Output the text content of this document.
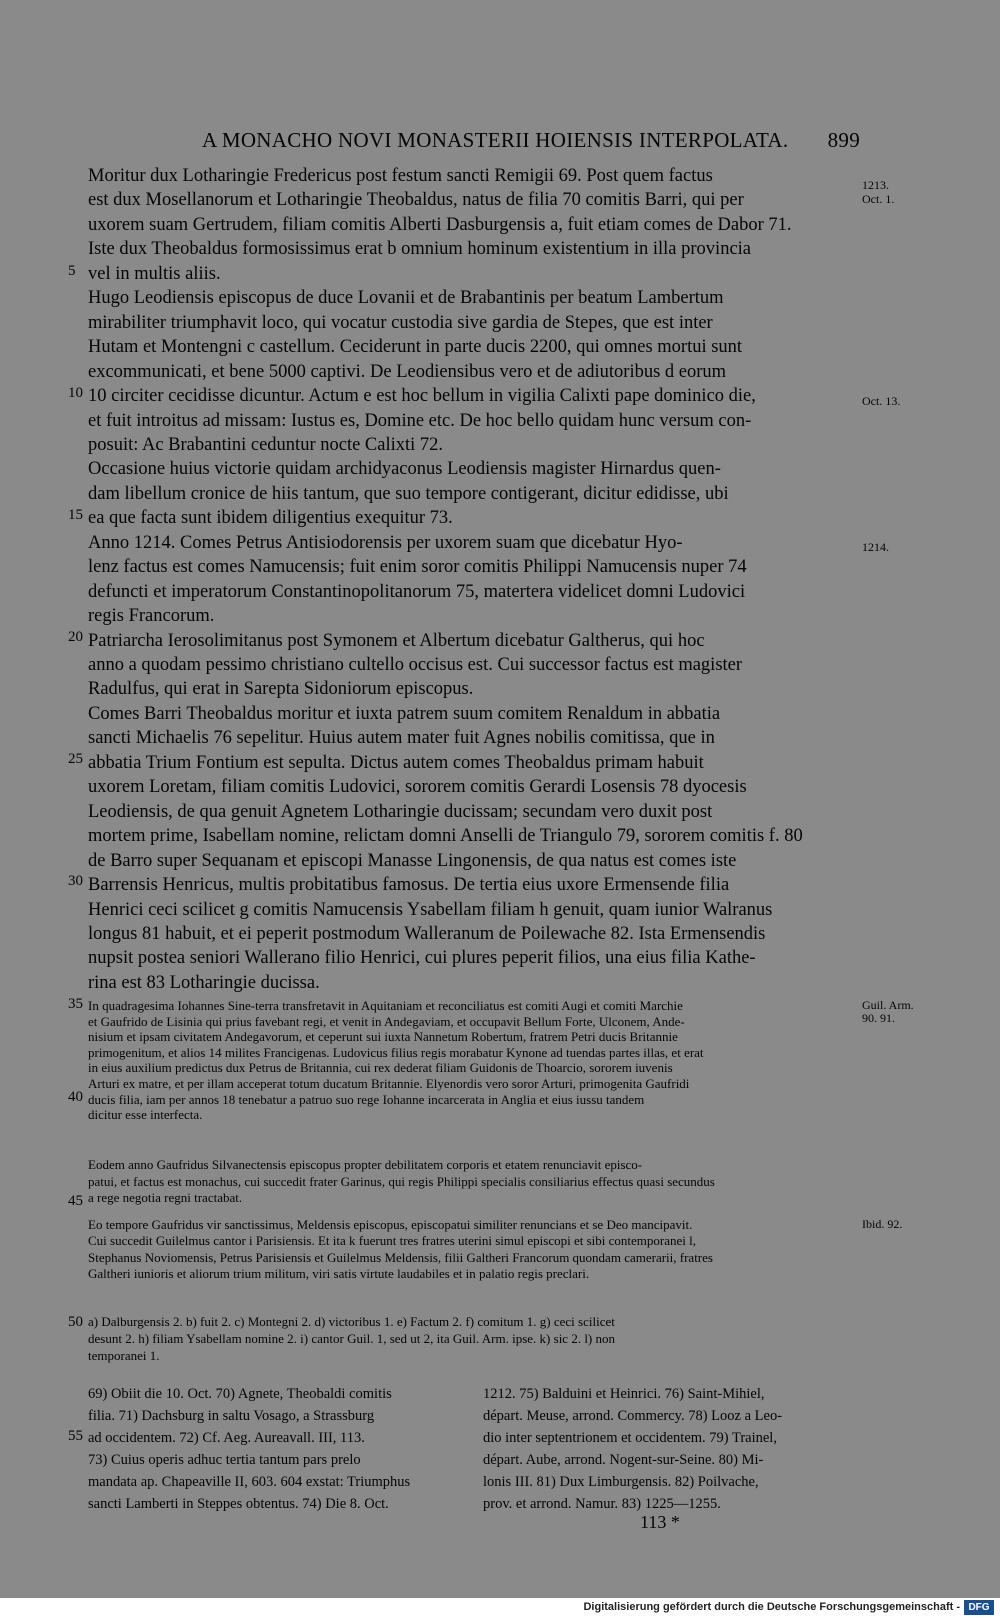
A MONACHO NOVI MONASTERII HOIENSIS INTERPOLATA. 899
Moritur dux Lotharingie Fredericus post festum sancti Remigii 69. Post quem factus
est dux Mosellanorum et Lotharingie Theobaldus, natus de filia 70 comitis Barri, qui per
uxorem suam Gertrudem, filiam comitis Alberti Dasburgensis a, fuit etiam comes de Dabor 71.
Iste dux Theobaldus formosissimus erat b omnium hominum existentium in illa provincia
vel in multis aliis.
Hugo Leodiensis episcopus de duce Lovanii et de Brabantinis per beatum Lambertum
mirabiliter triumphavit loco, qui vocatur custodia sive gardia de Stepes, que est inter
Hutam et Montengni c castellum. Ceciderunt in parte ducis 2200, qui omnes mortui sunt
excommunicati, et bene 5000 captivi. De Leodiensibus vero et de adiutoribus d eorum
10 circiter cecidisse dicuntur. Actum e est hoc bellum in vigilia Calixti pape dominico die,
et fuit introitus ad missam: Iustus es, Domine etc. De hoc bello quidam hunc versum con-
posuit: Ac Brabantini ceduntur nocte Calixti 72.
Occasione huius victorie quidam archidyaconus Leodiensis magister Hirnardus quen-
dam libellum cronice de hiis tantum, que suo tempore contigerant, dicitur edidisse, ubi
ea que facta sunt ibidem diligentius exequitur 73.
Anno 1214. Comes Petrus Antisiodorensis per uxorem suam que dicebatur Hyo-
lenz factus est comes Namucensis; fuit enim soror comitis Philippi Namucensis nuper 74
defuncti et imperatorum Constantinopolitanorum 75, matertera videlicet domni Ludovici
regis Francorum.
Patriarcha Ierosolimitanus post Symonem et Albertum dicebatur Galtherus, qui hoc
anno a quodam pessimo christiano cultello occisus est. Cui successor factus est magister
Radulfus, qui erat in Sarepta Sidoniorum episcopus.
Comes Barri Theobaldus moritur et iuxta patrem suum comitem Renaldum in abbatia
sancti Michaelis 76 sepelitur. Huius autem mater fuit Agnes nobilis comitissa, que in
abbatia Trium Fontium est sepulta. Dictus autem comes Theobaldus primam habuit
uxorem Loretam, filiam comitis Ludovici, sororem comitis Gerardi Losensis 78 dyocesis
Leodiensis, de qua genuit Agnetem Lotharingie ducissam; secundam vero duxit post
mortem prime, Isabellam nomine, relictam domni Anselli de Triangulo 79, sororem comitis f. 80
de Barro super Sequanam et episcopi Manasse Lingonensis, de qua natus est comes iste
Barrensis Henricus, multis probitatibus famosus. De tertia eius uxore Ermensende filia
Henrici ceci scilicet g comitis Namucensis Ysabellam filiam h genuit, quam iunior Walranus
longus 81 habuit, et ei peperit postmodum Walleranum de Poilewache 82. Ista Ermensendis
nupsit postea seniori Wallerano filio Henrici, cui plures peperit filios, una eius filia Kathe-
rina est 83 Lotharingie ducissa.
In quadragesima Iohannes Sine-terra transfretavit in Aquitaniam et reconciliatus est comiti Augi et comiti Marchie
et Gaufrido de Lisinia qui prius favebant regi, et venit in Andegaviam, et occupavit Bellum Forte, Ulconem, Ande-
nisium et ipsam civitatem Andegavorum, et ceperunt sui iuxta Nannetum Robertum, fratrem Petri ducis Britannie
primogenitum, et alios 14 milites Francigenas. Ludovicus filius regis morabatur Kynone ad tuendas partes illas, et erat
in eius auxilium predictus dux Petrus de Britannia, cui rex dederat filiam Guidonis de Thoarcio, sororem iuvenis
Arturi ex matre, et per illam acceperat totum ducatum Britannie. Elyenordis vero soror Arturi, primogenita Gaufridi
ducis filia, iam per annos 18 tenebatur a patruo suo rege Iohanne incarcerata in Anglia et eius iussu tandem
dicitur esse interfecta.
Eodem anno Gaufridus Silvanectensis episcopus propter debilitatem corporis et etatem renunciavit episco-
patui, et factus est monachus, cui succedit frater Garinus, qui regis Philippi specialis consiliarius effectus quasi secundus
a rege negotia regni tractabat.
Eo tempore Gaufridus vir sanctissimus, Meldensis episcopus, episcopatui similiter renuncians et se Deo mancipavit.
Cui succedit Guilelmus cantor i Parisiensis. Et ita k fuerunt tres fratres uterini simul episcopi et sibi contemporanei l,
Stephanus Noviomensis, Petrus Parisiensis et Guilelmus Meldensis, filii Galtheri Francorum quondam camerarii, fratres
Galtheri iunioris et aliorum trium militum, viri satis virtute laudabiles et in palatio regis preclari.
a) Dalburgensis 2. b) fuit 2. c) Montegni 2. d) victoribus 1. e) Factum 2. f) comitum 1. g) ceci scilicet
desunt 2. h) filiam Ysabellam nomine 2. i) cantor Guil. 1, sed ut 2, ita Guil. Arm. ipse. k) sic 2. l) non
temporanei 1.
69) Obiit die 10. Oct. 70) Agnete, Theobaldi comitis
filia. 71) Dachsburg in saltu Vosago, a Strassburg
ad occidentem. 72) Cf. Aeg. Aureavall. III, 113.
73) Cuius operis adhuc tertia tantum pars prelo
mandata ap. Chapeaville II, 603. 604 exstat: Triumphus
sancti Lamberti in Steppes obtentus. 74) Die 8. Oct.
1212. 75) Balduini et Heinrici. 76) Saint-Mihiel,
départ. Meuse, arrond. Commercy. 78) Looz a Leo-
dio inter septentrionem et occidentem. 79) Trainel,
départ. Aube, arrond. Nogent-sur-Seine. 80) Mi-
lonis III. 81) Dux Limburgensis. 82) Poilvache,
prov. et arrond. Namur. 83) 1225—1255.
5
10
15
20
25
30
35
40
45
50
55
1213.
Oct. 1.
Oct. 13.
1214.
Guil. Arm.
90. 91.
Ibid. 92.
113 *
Digitalisierung gefördert durch die Deutsche Forschungsgemeinschaft - DFG
